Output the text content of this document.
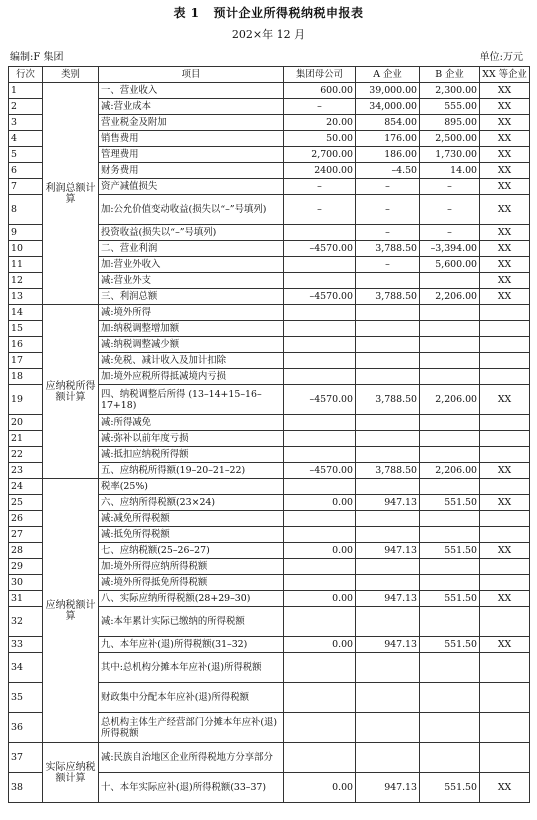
表 1 预计企业所得税纳税申报表
202×年 12 月
编制:F 集团	单位:万元
行次	类别	项目	集团母公司	A 企业	B 企业	XX 等企业
1	利润总额计算	一、营业收入	600.00	39,000.00	2,300.00	XX
2		减:营业成本	–	34,000.00	555.00	XX
3		营业税金及附加	20.00	854.00	895.00	XX
4		销售费用	50.00	176.00	2,500.00	XX
5		管理费用	2,700.00	186.00	1,730.00	XX
6		财务费用	2400.00	–4.50	14.00	XX
7		资产减值损失	–	–	–	XX
8		加:公允价值变动收益(损失以“–”号填列)	–	–	–	XX
9		投资收益(损失以“–”号填列)		–	–	XX
10		二、营业利润	–4570.00	3,788.50	–3,394.00	XX
11		加:营业外收入		–	5,600.00	XX
12		减:营业外支				XX
13		三、利润总额	–4570.00	3,788.50	2,206.00	XX
14	应纳税所得额计算	减:境外所得				
15		加:纳税调整增加额				
16		减:纳税调整减少额				
17		减:免税、减计收入及加计扣除				
18		加:境外应税所得抵减境内亏损				
19		四、纳税调整后所得 (13–14+15–16–17+18)	–4570.00	3,788.50	2,206.00	XX
20		减:所得减免				
21		减:弥补以前年度亏损				
22		减:抵扣应纳税所得额				
23		五、应纳税所得额(19–20–21–22)	–4570.00	3,788.50	2,206.00	XX
24	应纳税额计算	税率(25%)				
25		六、应纳所得税额(23×24)	0.00	947.13	551.50	XX
26		减:减免所得税额				
27		减:抵免所得税额				
28		七、应纳税额(25–26–27)	0.00	947.13	551.50	XX
29		加:境外所得应纳所得税额				
30		减:境外所得抵免所得税额				
31		八、实际应纳所得税额(28+29–30)	0.00	947.13	551.50	XX
32		减:本年累计实际已缴纳的所得税额				
33		九、本年应补(退)所得税额(31–32)	0.00	947.13	551.50	XX
34		其中:总机构分摊本年应补(退)所得税额				
35		财政集中分配本年应补(退)所得税额				
36		总机构主体生产经营部门分摊本年应补(退)所得税额				
37	实际应纳税额计算	减:民族自治地区企业所得税地方分享部分				
38		十、本年实际应补(退)所得税额(33–37)	0.00	947.13	551.50	XX
